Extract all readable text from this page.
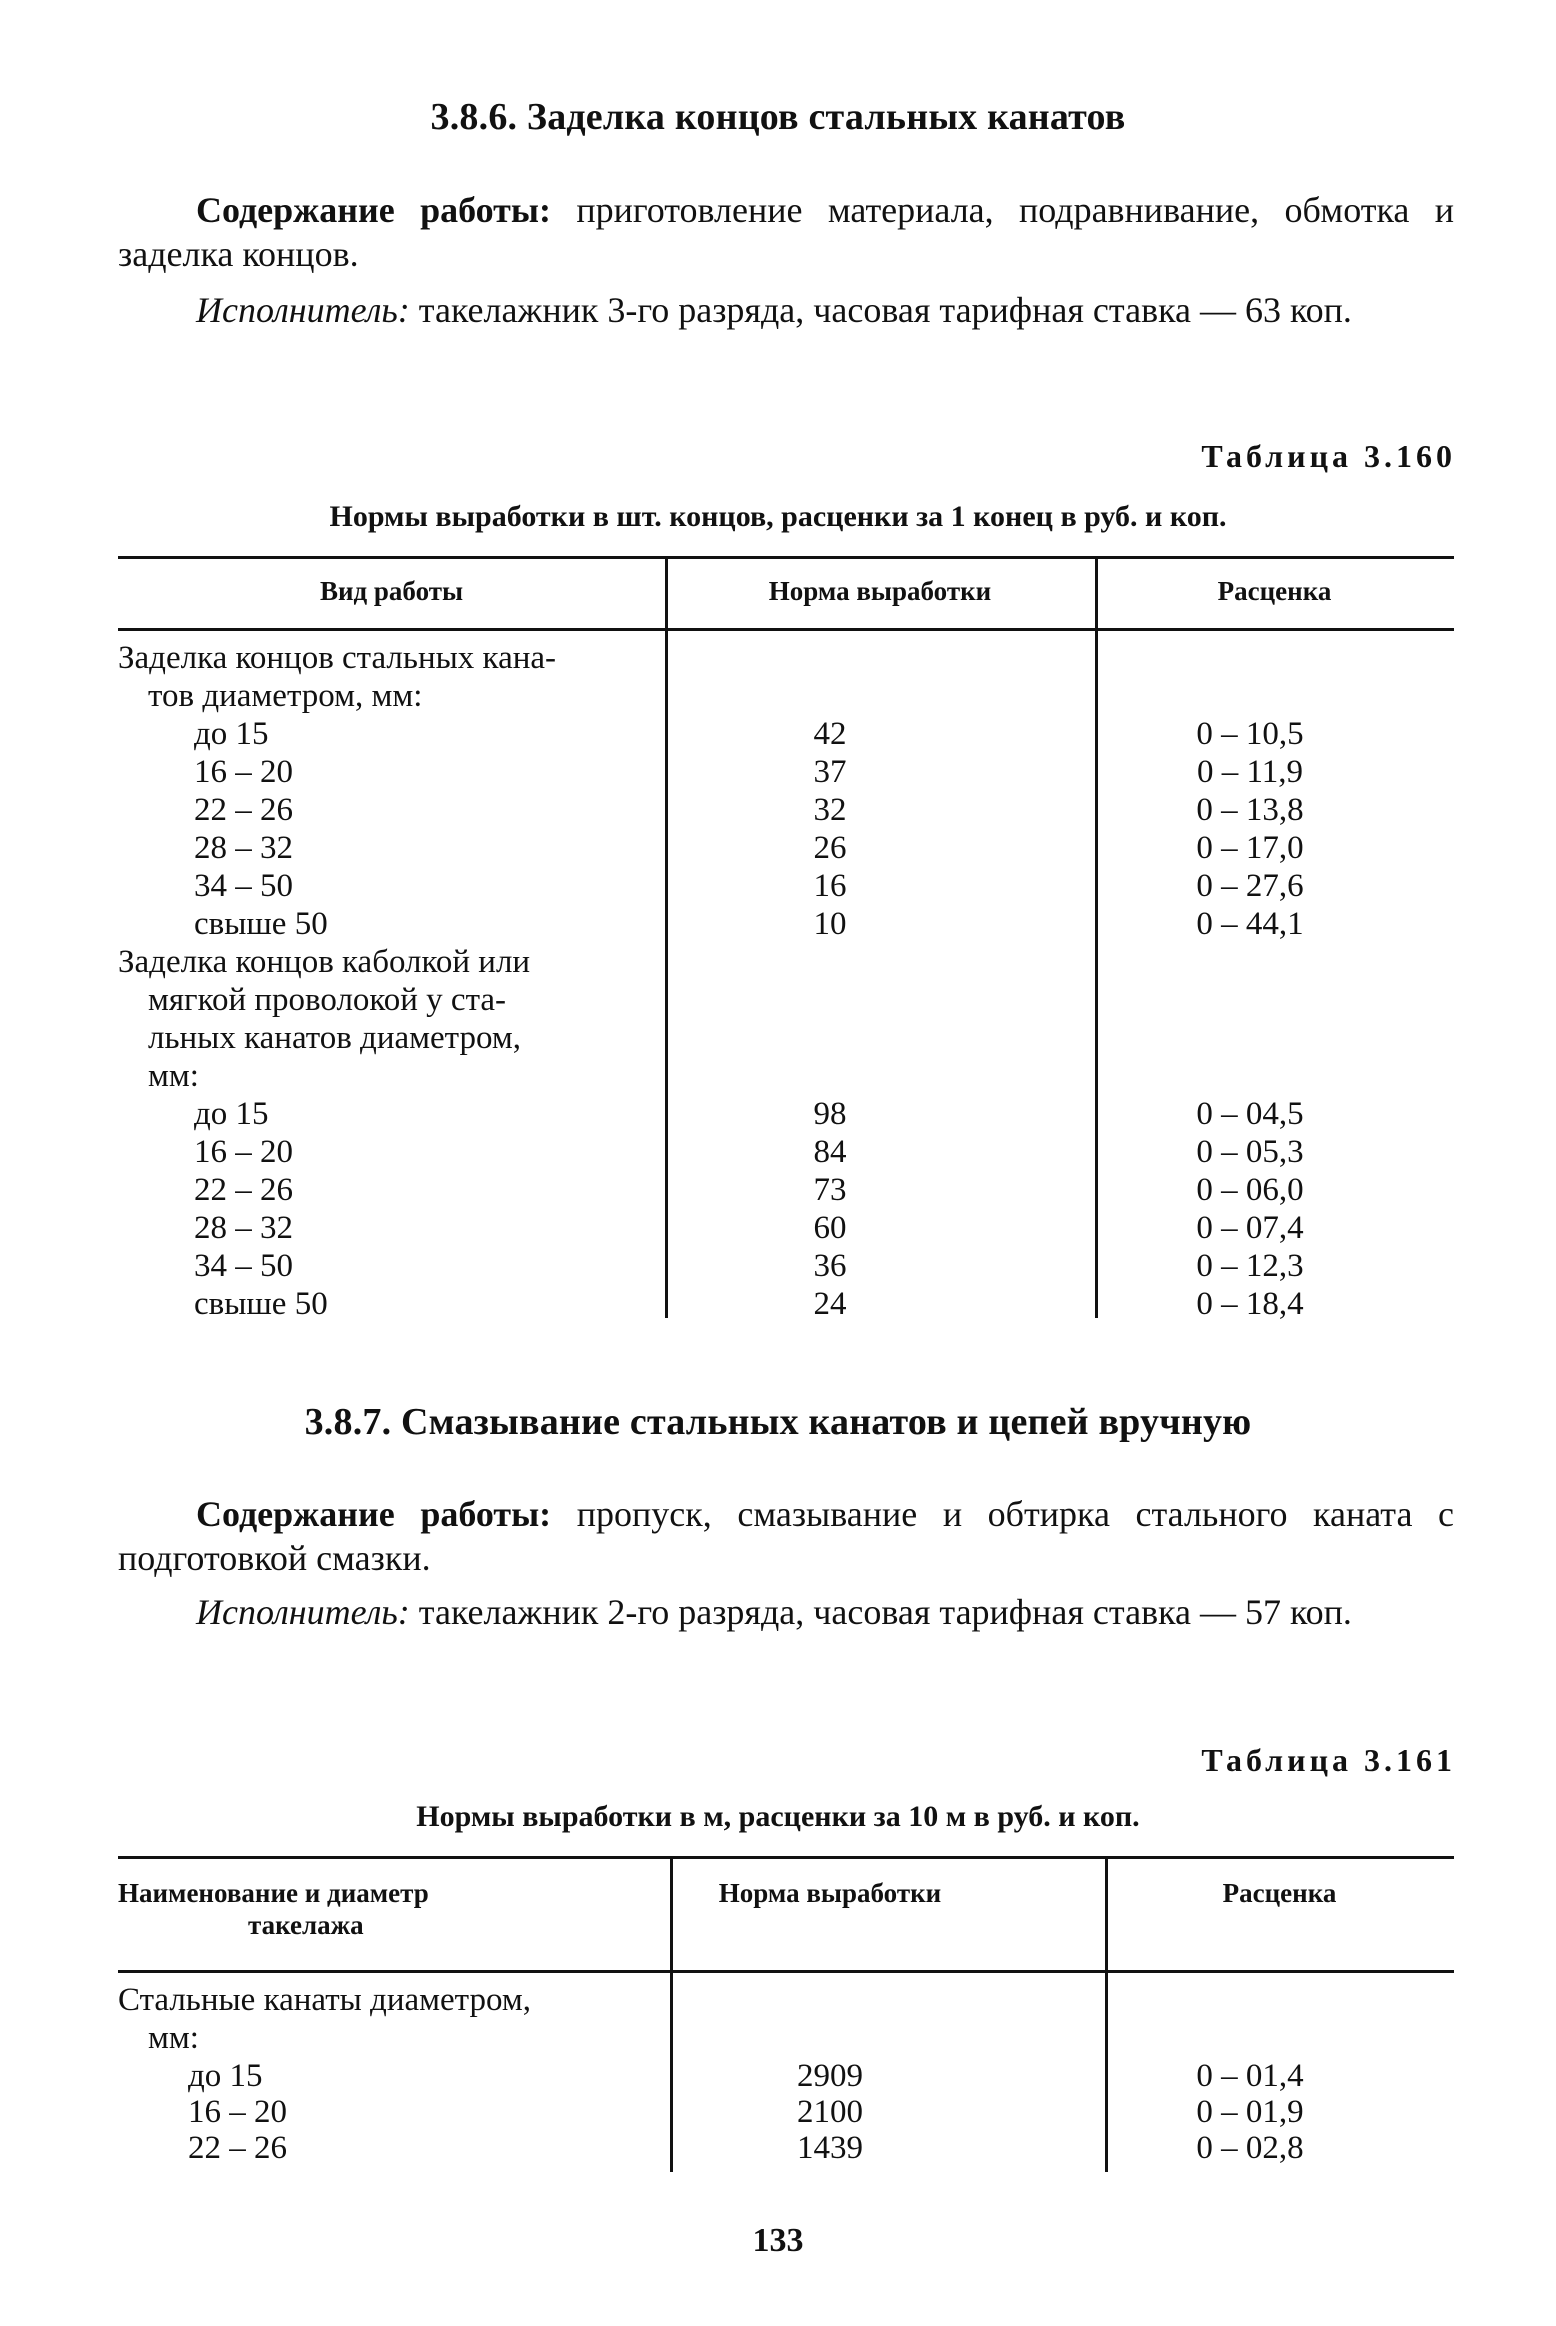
3.8.6. Заделка концов стальных канатов
Содержание работы: приготовление материала, подравнивание, обмотка и заделка концов.
Исполнитель: такелажник 3-го разряда, часовая тарифная ставка — 63 коп.
Таблица 3.160
Нормы выработки в шт. концов, расценки за 1 конец в руб. и коп.
Вид работы	Норма выработки	Расценка
Заделка концов стальных кана-
тов диаметром, мм:
до 15	42	0 – 10,5
16 – 20	37	0 – 11,9
22 – 26	32	0 – 13,8
28 – 32	26	0 – 17,0
34 – 50	16	0 – 27,6
свыше 50	10	0 – 44,1
Заделка концов каболкой или
мягкой проволокой у ста-
льных канатов диаметром,
мм:
до 15	98	0 – 04,5
16 – 20	84	0 – 05,3
22 – 26	73	0 – 06,0
28 – 32	60	0 – 07,4
34 – 50	36	0 – 12,3
свыше 50	24	0 – 18,4
3.8.7. Смазывание стальных канатов и цепей вручную
Содержание работы: пропуск, смазывание и обтирка стального каната с подготовкой смазки.
Исполнитель: такелажник 2-го разряда, часовая тарифная ставка — 57 коп.
Таблица 3.161
Нормы выработки в м, расценки за 10 м в руб. и коп.
Наименование и диаметр
такелажа
Норма выработки	Расценка
Стальные канаты диаметром,
мм:
до 15	2909	0 – 01,4
16 – 20	2100	0 – 01,9
22 – 26	1439	0 – 02,8
133
